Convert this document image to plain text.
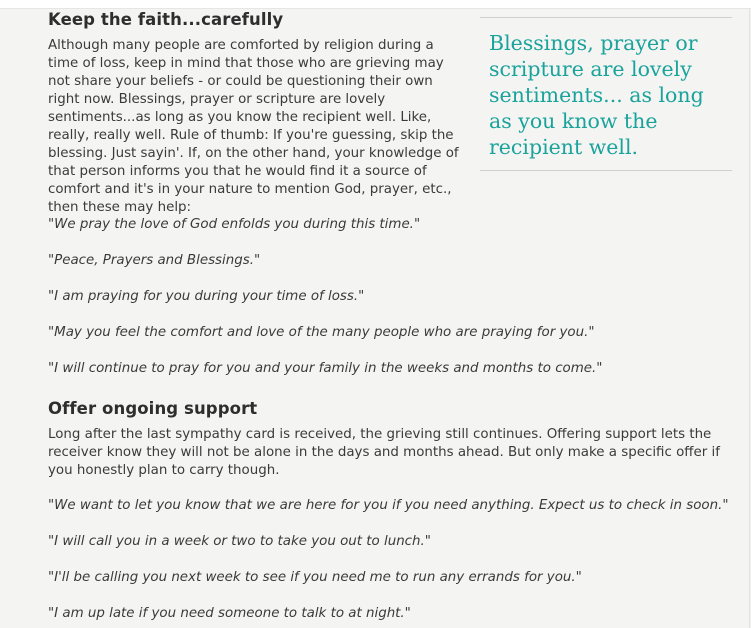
Keep the faith...carefully

Although many people are comforted by religion during a time of loss, keep in mind that those who are grieving may not share your beliefs - or could be questioning their own right now. Blessings, prayer or scripture are lovely sentiments...as long as you know the recipient well. Like, really, really well. Rule of thumb: If you're guessing, skip the blessing. Just sayin'. If, on the other hand, your knowledge of that person informs you that he would find it a source of comfort and it's in your nature to mention God, prayer, etc., then these may help:

Blessings, prayer or scripture are lovely sentiments... as long as you know the recipient well.

"We pray the love of God enfolds you during this time."

"Peace, Prayers and Blessings."

"I am praying for you during your time of loss."

"May you feel the comfort and love of the many people who are praying for you."

"I will continue to pray for you and your family in the weeks and months to come."

Offer ongoing support

Long after the last sympathy card is received, the grieving still continues. Offering support lets the receiver know they will not be alone in the days and months ahead. But only make a specific offer if you honestly plan to carry though.

"We want to let you know that we are here for you if you need anything. Expect us to check in soon."

"I will call you in a week or two to take you out to lunch."

"I'll be calling you next week to see if you need me to run any errands for you."

"I am up late if you need someone to talk to at night."
